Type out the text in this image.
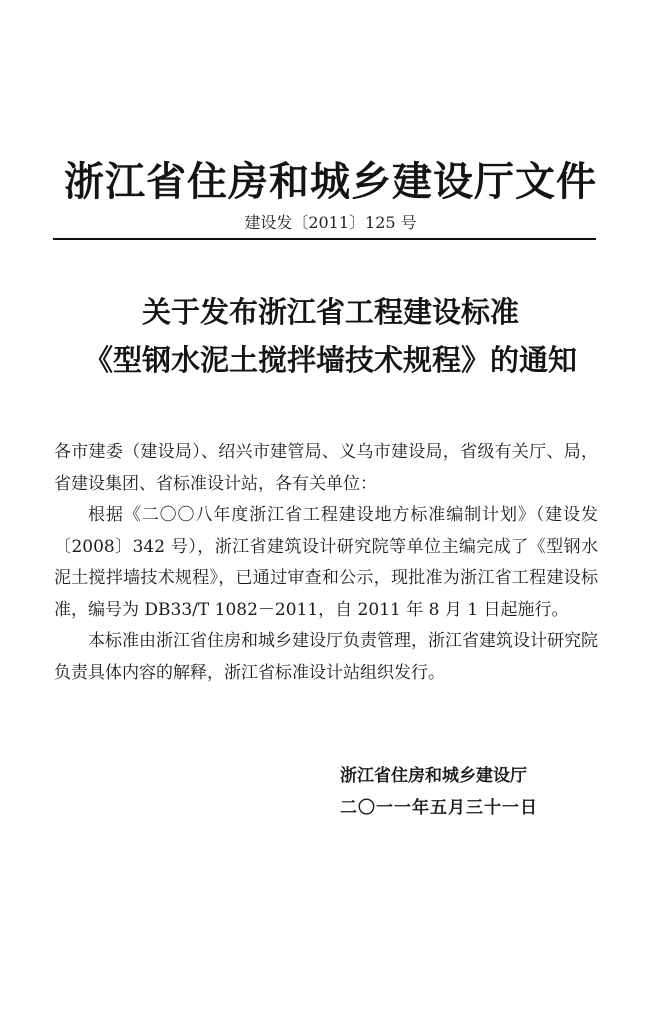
浙江省住房和城乡建设厅文件
建设发〔2011〕125 号
关于发布浙江省工程建设标准
《型钢水泥土搅拌墙技术规程》的通知

各市建委（建设局）、绍兴市建管局、义乌市建设局，省级有关厅、局，省建设集团、省标准设计站，各有关单位：

根据《二〇〇八年度浙江省工程建设地方标准编制计划》（建设发〔2008〕342 号），浙江省建筑设计研究院等单位主编完成了《型钢水泥土搅拌墙技术规程》，已通过审查和公示，现批准为浙江省工程建设标准，编号为 DB33/T 1082－2011，自 2011 年 8 月 1 日起施行。

本标准由浙江省住房和城乡建设厅负责管理，浙江省建筑设计研究院负责具体内容的解释，浙江省标准设计站组织发行。

浙江省住房和城乡建设厅
二〇一一年五月三十一日
